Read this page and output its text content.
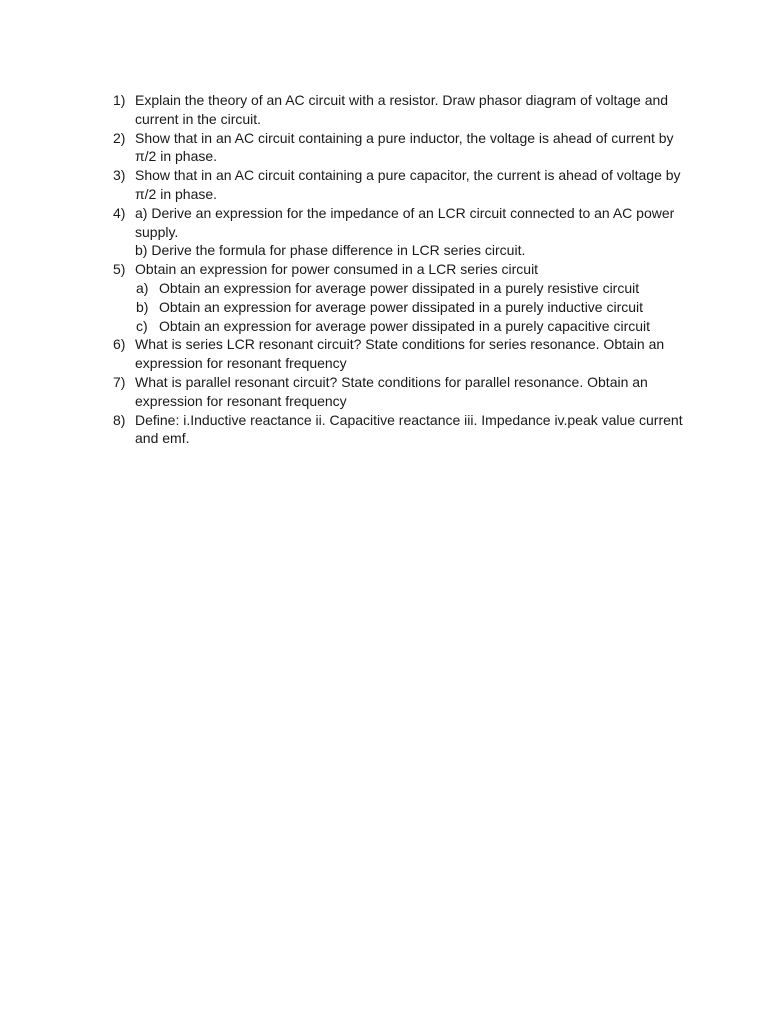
1) Explain the theory of an AC circuit with a resistor. Draw phasor diagram of voltage and current in the circuit.
2) Show that in an AC circuit containing a pure inductor, the voltage is ahead of current by π/2 in phase.
3) Show that in an AC circuit containing a pure capacitor, the current is ahead of voltage by π/2 in phase.
4) a) Derive an expression for the impedance of an LCR circuit connected to an AC power supply.
b) Derive the formula for phase difference in LCR series circuit.
5) Obtain an expression for power consumed in a LCR series circuit
a) Obtain an expression for average power dissipated in a purely resistive circuit
b) Obtain an expression for average power dissipated in a purely inductive circuit
c) Obtain an expression for average power dissipated in a purely capacitive circuit
6) What is series LCR resonant circuit? State conditions for series resonance. Obtain an expression for resonant frequency
7) What is parallel resonant circuit? State conditions for parallel resonance. Obtain an expression for resonant frequency
8) Define: i.Inductive reactance ii. Capacitive reactance iii. Impedance iv.peak value current and emf.
